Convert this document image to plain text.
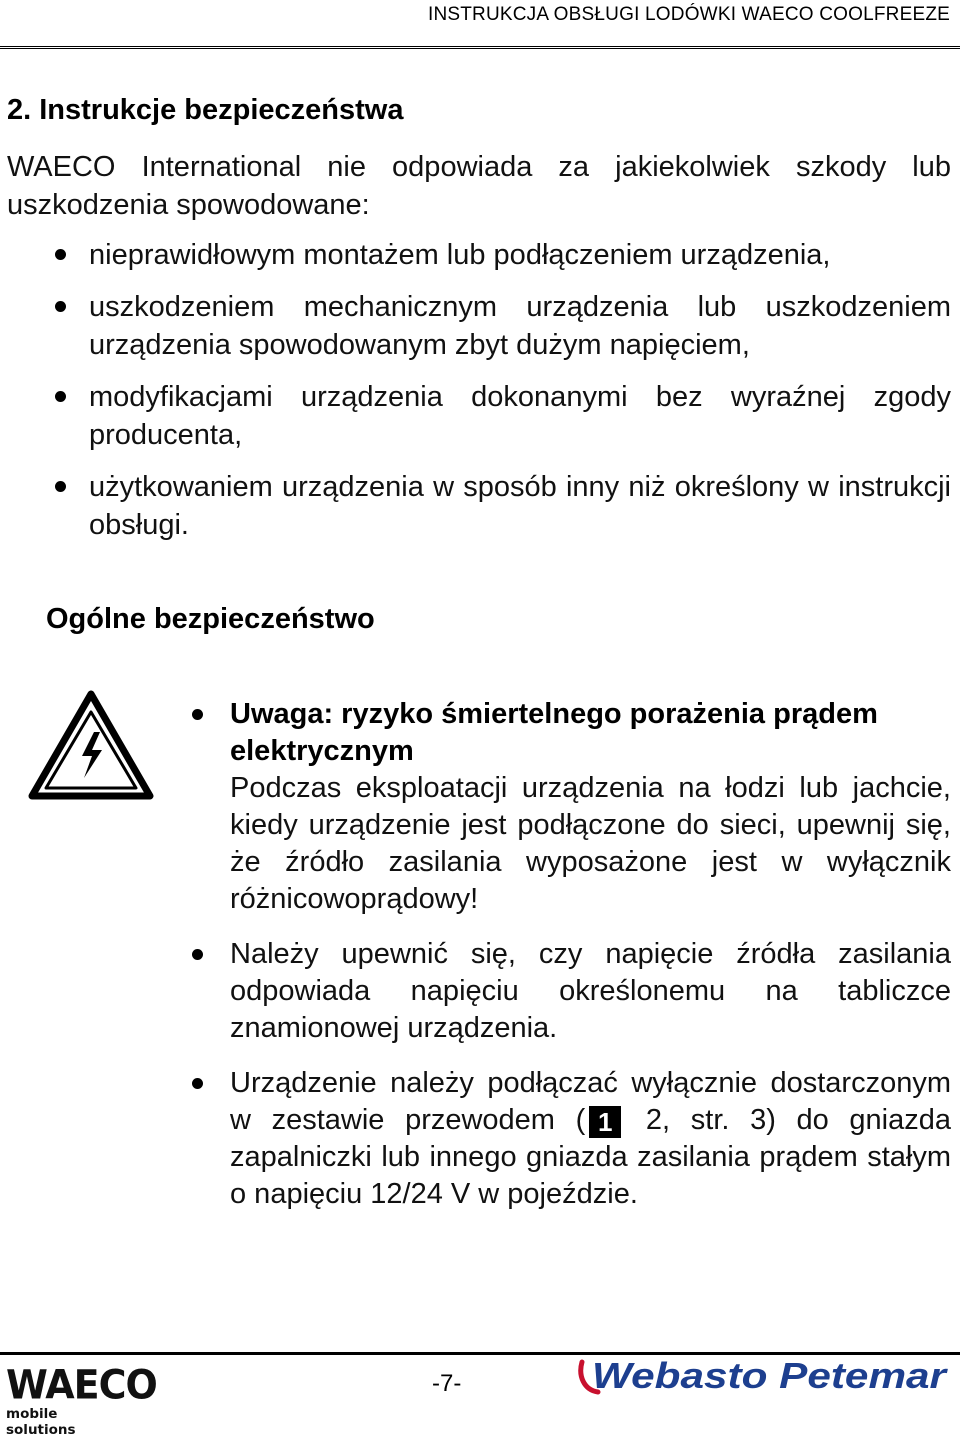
INSTRUKCJA OBSŁUGI LODÓWKI WAECO COOLFREEZE
2. Instrukcje bezpieczeństwa
WAECO International nie odpowiada za jakiekolwiek szkody lub uszkodzenia spowodowane:
nieprawidłowym montażem lub podłączeniem urządzenia,
uszkodzeniem mechanicznym urządzenia lub uszkodzeniem urządzenia spowodowanym zbyt dużym napięciem,
modyfikacjami urządzenia dokonanymi bez wyraźnej zgody producenta,
użytkowaniem urządzenia w sposób inny niż określony w instrukcji obsługi.
Ogólne bezpieczeństwo
Uwaga: ryzyko śmiertelnego porażenia prądem elektrycznym
Podczas eksploatacji urządzenia na łodzi lub jachcie, kiedy urządzenie jest podłączone do sieci, upewnij się, że źródło zasilania wyposażone jest w wyłącznik różnicowoprądowy!
Należy upewnić się, czy napięcie źródła zasilania odpowiada napięciu określonemu na tabliczce znamionowej urządzenia.
Urządzenie należy podłączać wyłącznie dostarczonym w zestawie przewodem ( 1 2, str. 3) do gniazda zapalniczki lub innego gniazda zasilania prądem stałym o napięciu 12/24 V w pojeździe.
WAECO
mobile solutions
-7-	Webasto Petemar
